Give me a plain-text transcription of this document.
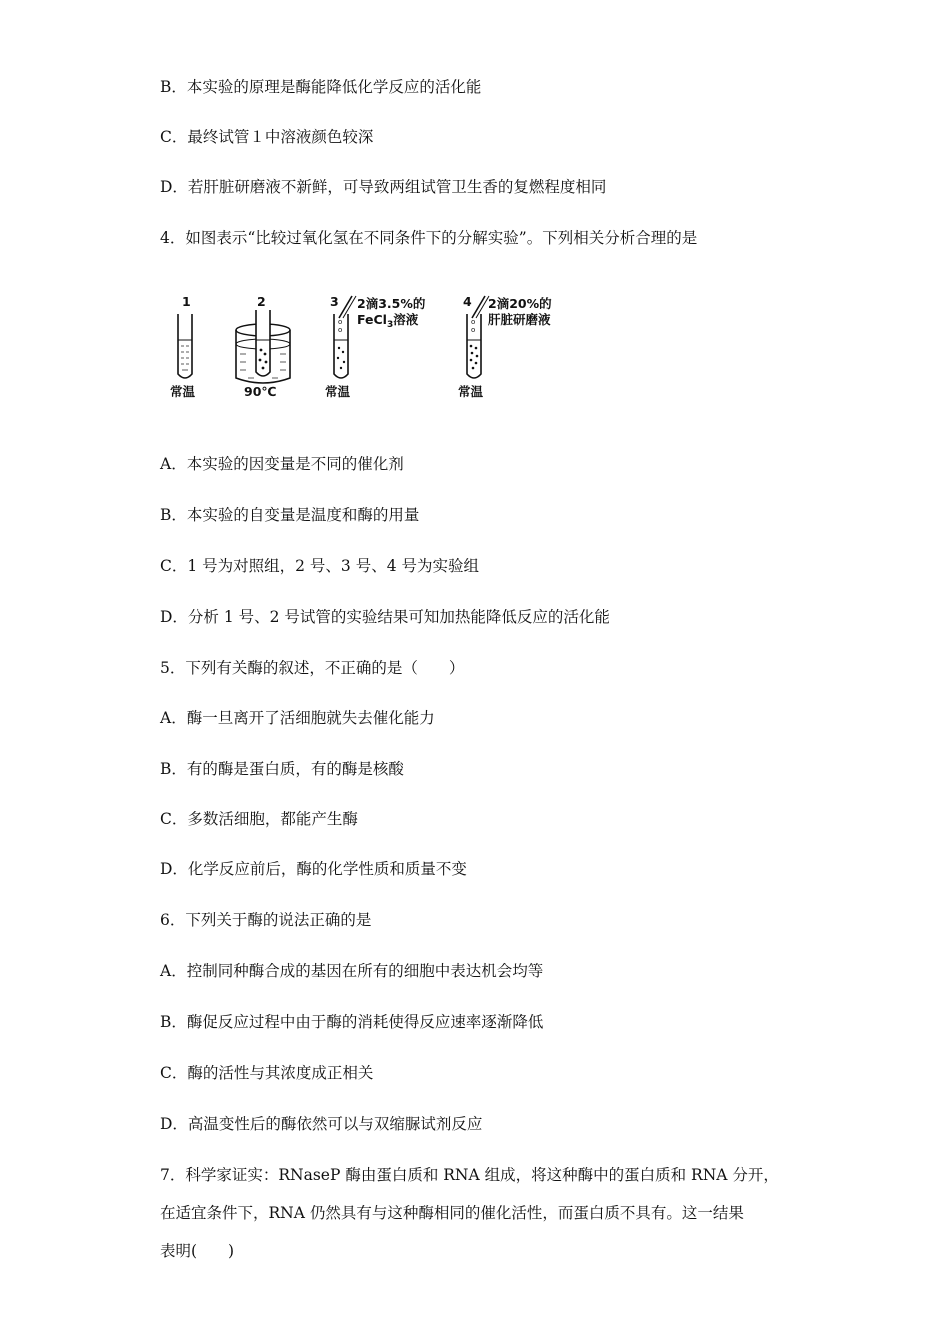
B．本实验的原理是酶能降低化学反应的活化能
C．最终试管１中溶液颜色较深
D．若肝脏研磨液不新鲜，可导致两组试管卫生香的复燃程度相同
4．如图表示“比较过氧化氢在不同条件下的分解实验”。下列相关分析合理的是
1
常温
2
90℃
3
o
o
2滴3.5%的
FeCl$_3$溶液
常温
4
o
o
2滴20%的
肝脏研磨液
常温
A．本实验的因变量是不同的催化剂
B．本实验的自变量是温度和酶的用量
C．1 号为对照组，2 号、3 号、4 号为实验组
D．分析 1 号、2 号试管的实验结果可知加热能降低反应的活化能
5．下列有关酶的叙述，不正确的是（　　）
A．酶一旦离开了活细胞就失去催化能力
B．有的酶是蛋白质，有的酶是核酸
C．多数活细胞，都能产生酶
D．化学反应前后，酶的化学性质和质量不变
6．下列关于酶的说法正确的是
A．控制同种酶合成的基因在所有的细胞中表达机会均等
B．酶促反应过程中由于酶的消耗使得反应速率逐渐降低
C．酶的活性与其浓度成正相关
D．高温变性后的酶依然可以与双缩脲试剂反应
7．科学家证实：RNaseP 酶由蛋白质和 RNA 组成，将这种酶中的蛋白质和 RNA 分开，
在适宜条件下，RNA 仍然具有与这种酶相同的催化活性，而蛋白质不具有。这一结果
表明(　　)
